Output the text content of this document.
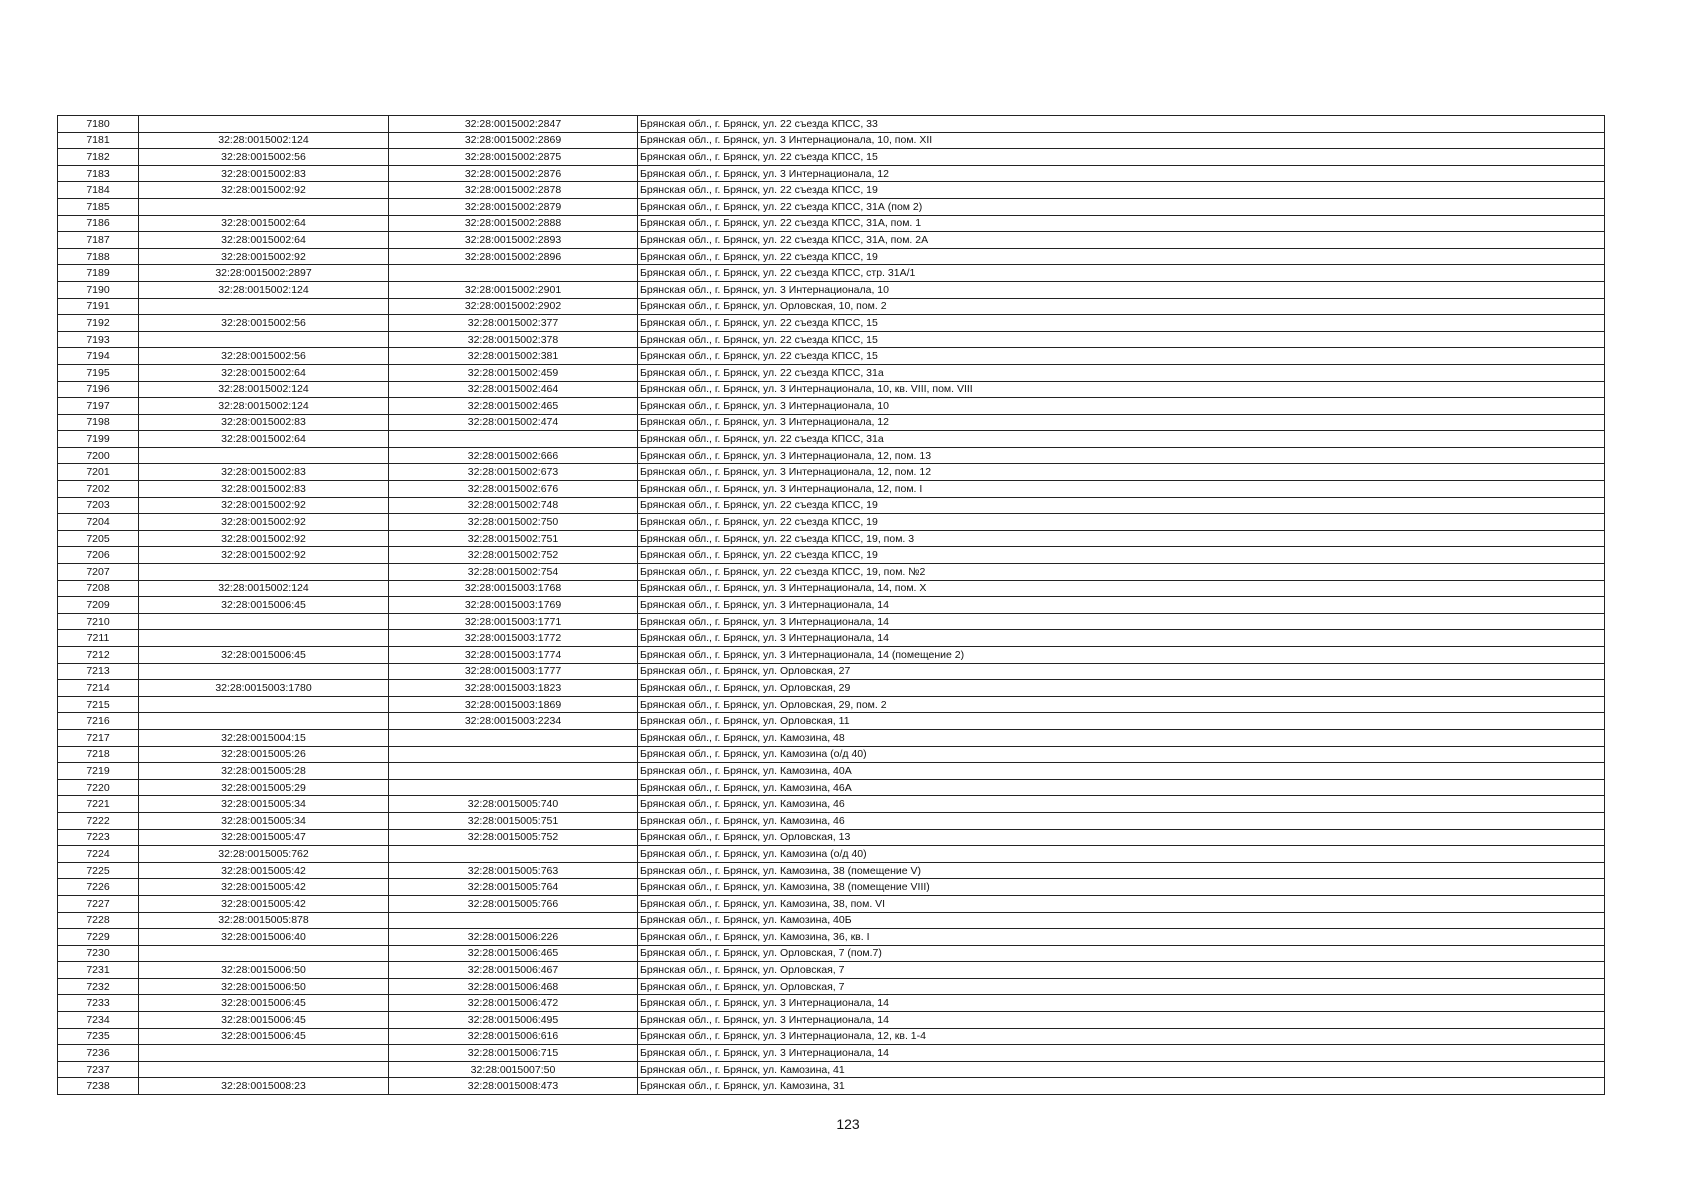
7180		32:28:0015002:2847	Брянская обл., г. Брянск, ул. 22 съезда КПСС, 33
7181	32:28:0015002:124	32:28:0015002:2869	Брянская обл., г. Брянск, ул. 3 Интернационала, 10, пом. XII
7182	32:28:0015002:56	32:28:0015002:2875	Брянская обл., г. Брянск, ул. 22 съезда КПСС, 15
7183	32:28:0015002:83	32:28:0015002:2876	Брянская обл., г. Брянск, ул. 3 Интернационала, 12
7184	32:28:0015002:92	32:28:0015002:2878	Брянская обл., г. Брянск, ул. 22 съезда КПСС, 19
7185		32:28:0015002:2879	Брянская обл., г. Брянск, ул. 22 съезда КПСС, 31А (пом 2)
7186	32:28:0015002:64	32:28:0015002:2888	Брянская обл., г. Брянск, ул. 22 съезда КПСС, 31А, пом. 1
7187	32:28:0015002:64	32:28:0015002:2893	Брянская обл., г. Брянск, ул. 22 съезда КПСС, 31А, пом. 2А
7188	32:28:0015002:92	32:28:0015002:2896	Брянская обл., г. Брянск, ул. 22 съезда КПСС, 19
7189	32:28:0015002:2897		Брянская обл., г. Брянск, ул. 22 съезда КПСС, стр. 31А/1
7190	32:28:0015002:124	32:28:0015002:2901	Брянская обл., г. Брянск, ул. 3 Интернационала, 10
7191		32:28:0015002:2902	Брянская обл., г. Брянск, ул. Орловская, 10, пом. 2
7192	32:28:0015002:56	32:28:0015002:377	Брянская обл., г. Брянск, ул. 22 съезда КПСС, 15
7193		32:28:0015002:378	Брянская обл., г. Брянск, ул. 22 съезда КПСС, 15
7194	32:28:0015002:56	32:28:0015002:381	Брянская обл., г. Брянск, ул. 22 съезда КПСС, 15
7195	32:28:0015002:64	32:28:0015002:459	Брянская обл., г. Брянск, ул. 22 съезда КПСС, 31а
7196	32:28:0015002:124	32:28:0015002:464	Брянская обл., г. Брянск, ул. 3 Интернационала, 10, кв. VIII, пом. VIII
7197	32:28:0015002:124	32:28:0015002:465	Брянская обл., г. Брянск, ул. 3 Интернационала, 10
7198	32:28:0015002:83	32:28:0015002:474	Брянская обл., г. Брянск, ул. 3 Интернационала, 12
7199	32:28:0015002:64		Брянская обл., г. Брянск, ул. 22 съезда КПСС, 31а
7200		32:28:0015002:666	Брянская обл., г. Брянск, ул. 3 Интернационала, 12, пом. 13
7201	32:28:0015002:83	32:28:0015002:673	Брянская обл., г. Брянск, ул. 3 Интернационала, 12, пом. 12
7202	32:28:0015002:83	32:28:0015002:676	Брянская обл., г. Брянск, ул. 3 Интернационала, 12, пом. I
7203	32:28:0015002:92	32:28:0015002:748	Брянская обл., г. Брянск, ул. 22 съезда КПСС, 19
7204	32:28:0015002:92	32:28:0015002:750	Брянская обл., г. Брянск, ул. 22 съезда КПСС, 19
7205	32:28:0015002:92	32:28:0015002:751	Брянская обл., г. Брянск, ул. 22 съезда КПСС, 19, пом. 3
7206	32:28:0015002:92	32:28:0015002:752	Брянская обл., г. Брянск, ул. 22 съезда КПСС, 19
7207		32:28:0015002:754	Брянская обл., г. Брянск, ул. 22 съезда КПСС, 19, пом. №2
7208	32:28:0015002:124	32:28:0015003:1768	Брянская обл., г. Брянск, ул. 3 Интернационала, 14, пом. X
7209	32:28:0015006:45	32:28:0015003:1769	Брянская обл., г. Брянск, ул. 3 Интернационала, 14
7210		32:28:0015003:1771	Брянская обл., г. Брянск, ул. 3 Интернационала, 14
7211		32:28:0015003:1772	Брянская обл., г. Брянск, ул. 3 Интернационала, 14
7212	32:28:0015006:45	32:28:0015003:1774	Брянская обл., г. Брянск, ул. 3 Интернационала, 14 (помещение 2)
7213		32:28:0015003:1777	Брянская обл., г. Брянск, ул. Орловская, 27
7214	32:28:0015003:1780	32:28:0015003:1823	Брянская обл., г. Брянск, ул. Орловская, 29
7215		32:28:0015003:1869	Брянская обл., г. Брянск, ул. Орловская, 29, пом. 2
7216		32:28:0015003:2234	Брянская обл., г. Брянск, ул. Орловская, 11
7217	32:28:0015004:15		Брянская обл., г. Брянск, ул. Камозина, 48
7218	32:28:0015005:26		Брянская обл., г. Брянск, ул. Камозина (о/д 40)
7219	32:28:0015005:28		Брянская обл., г. Брянск, ул. Камозина, 40А
7220	32:28:0015005:29		Брянская обл., г. Брянск, ул. Камозина, 46А
7221	32:28:0015005:34	32:28:0015005:740	Брянская обл., г. Брянск, ул. Камозина, 46
7222	32:28:0015005:34	32:28:0015005:751	Брянская обл., г. Брянск, ул. Камозина, 46
7223	32:28:0015005:47	32:28:0015005:752	Брянская обл., г. Брянск, ул. Орловская, 13
7224	32:28:0015005:762		Брянская обл., г. Брянск, ул. Камозина (о/д 40)
7225	32:28:0015005:42	32:28:0015005:763	Брянская обл., г. Брянск, ул. Камозина, 38 (помещение V)
7226	32:28:0015005:42	32:28:0015005:764	Брянская обл., г. Брянск, ул. Камозина, 38 (помещение VIII)
7227	32:28:0015005:42	32:28:0015005:766	Брянская обл., г. Брянск, ул. Камозина, 38, пом. VI
7228	32:28:0015005:878		Брянская обл., г. Брянск, ул. Камозина, 40Б
7229	32:28:0015006:40	32:28:0015006:226	Брянская обл., г. Брянск, ул. Камозина, 36, кв. I
7230		32:28:0015006:465	Брянская обл., г. Брянск, ул. Орловская, 7 (пом.7)
7231	32:28:0015006:50	32:28:0015006:467	Брянская обл., г. Брянск, ул. Орловская, 7
7232	32:28:0015006:50	32:28:0015006:468	Брянская обл., г. Брянск, ул. Орловская, 7
7233	32:28:0015006:45	32:28:0015006:472	Брянская обл., г. Брянск, ул. 3 Интернационала, 14
7234	32:28:0015006:45	32:28:0015006:495	Брянская обл., г. Брянск, ул. 3 Интернационала, 14
7235	32:28:0015006:45	32:28:0015006:616	Брянская обл., г. Брянск, ул. 3 Интернационала, 12, кв. 1-4
7236		32:28:0015006:715	Брянская обл., г. Брянск, ул. 3 Интернационала, 14
7237		32:28:0015007:50	Брянская обл., г. Брянск, ул. Камозина, 41
7238	32:28:0015008:23	32:28:0015008:473	Брянская обл., г. Брянск, ул. Камозина, 31
123
